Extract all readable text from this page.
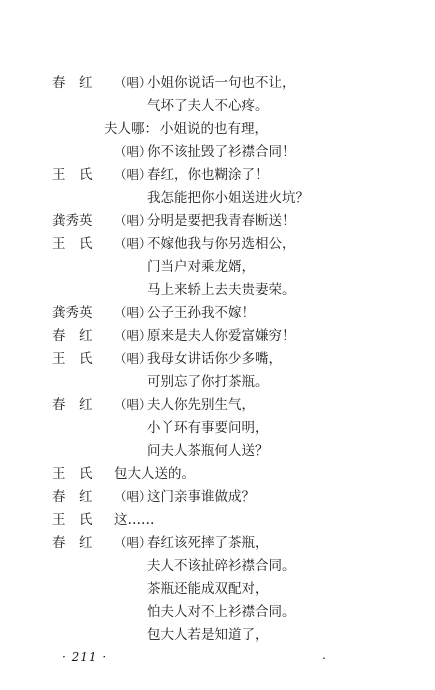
春　红 （唱）
小姐你说话一句也不让，
气坏了夫人不心疼。
夫人哪： 小姐说的也有理，
（唱）
你不该扯毁了衫襟合同！
王　氏 （唱）
春红，你也糊涂了！
我怎能把你小姐送进火坑？
龚秀英 （唱）
分明是要把我青春断送！
王　氏 （唱）
不嫁他我与你另选相公，
门当户对乘龙婿，
马上来轿上去夫贵妻荣。
龚秀英 （唱）
公子王孙我不嫁！
春　红 （唱）
原来是夫人你爱富嫌穷！
王　氏 （唱）
我母女讲话你少多嘴，
可别忘了你打茶瓶。
春　红 （唱）
夫人你先别生气，
小丫环有事要问明，
问夫人茶瓶何人送？
王　氏 包大人送的。
春　红 （唱）
这门亲事谁做成？
王　氏 这……
春　红 （唱）
春红该死摔了茶瓶，
夫人不该扯碎衫襟合同。
茶瓶还能成双配对，
怕夫人对不上衫襟合同。
· 211 ·	.
包大人若是知道了，
